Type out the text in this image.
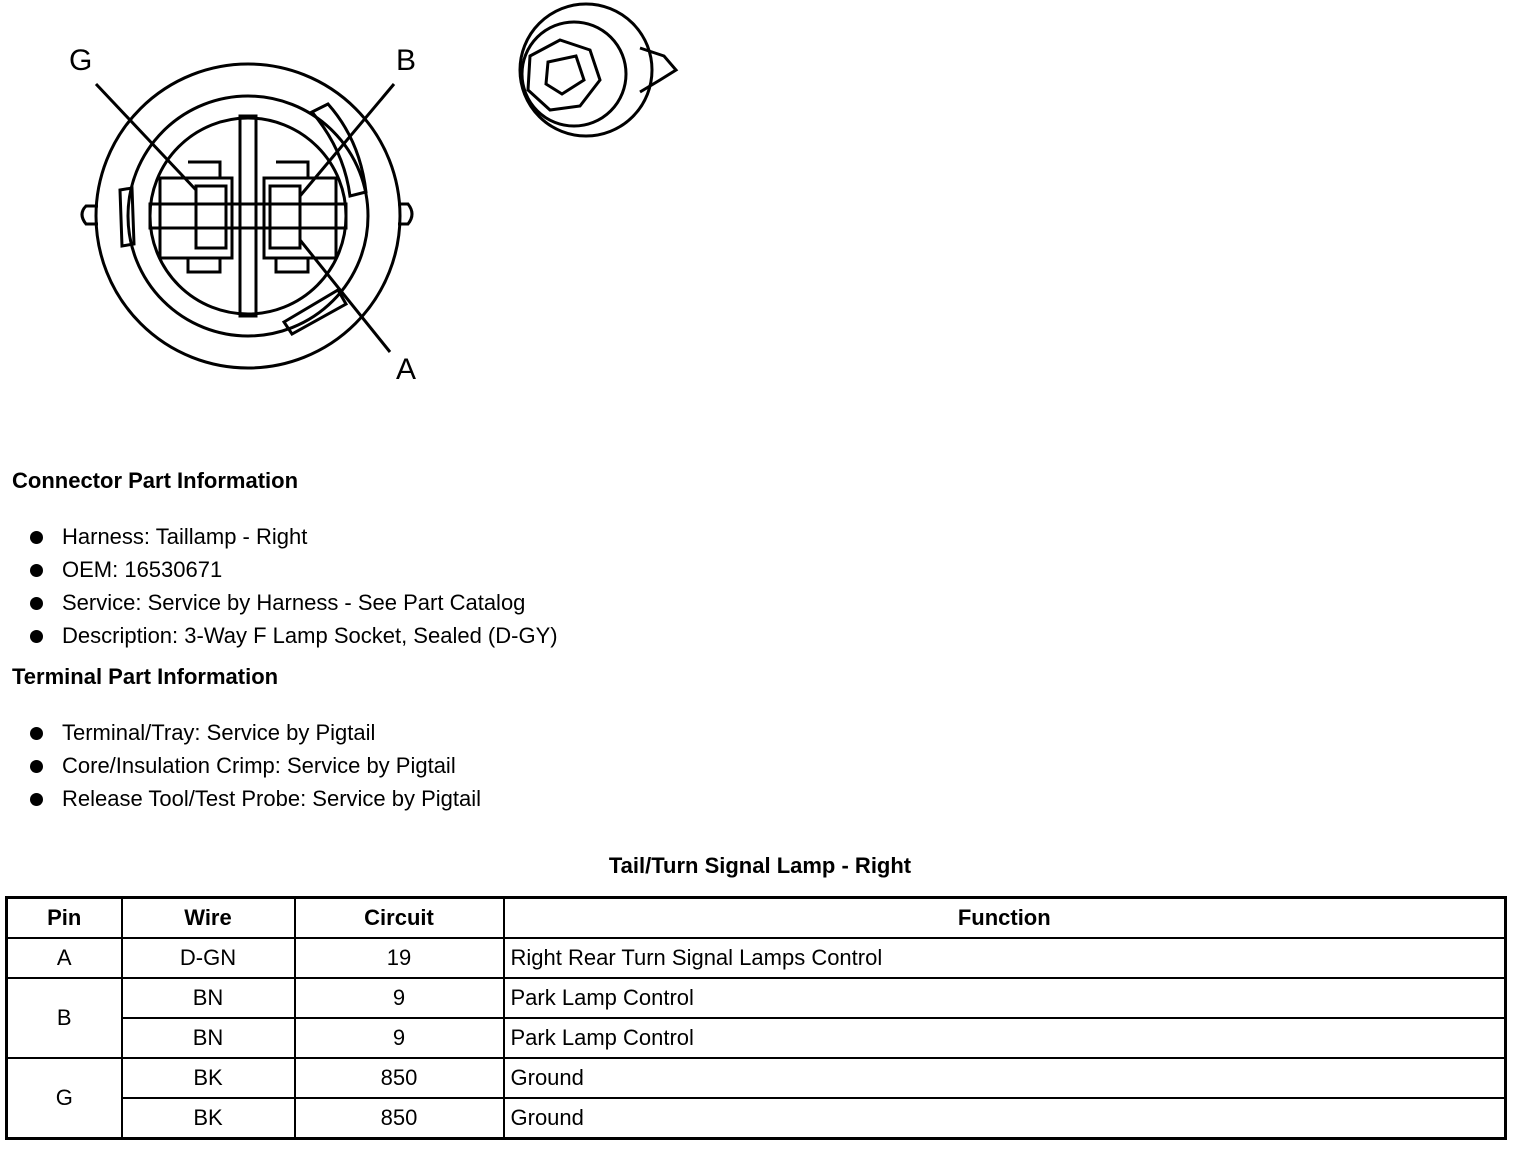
G	B
A
Connector Part Information
Harness: Taillamp - Right
OEM: 16530671
Service: Service by Harness - See Part Catalog
Description: 3-Way F Lamp Socket, Sealed (D-GY)
Terminal Part Information
Terminal/Tray: Service by Pigtail
Core/Insulation Crimp: Service by Pigtail
Release Tool/Test Probe: Service by Pigtail
Tail/Turn Signal Lamp - Right
Pin	Wire	Circuit	Function
A	D-GN	19	Right Rear Turn Signal Lamps Control
B	BN	9	Park Lamp Control
	BN	9	Park Lamp Control
G	BK	850	Ground
	BK	850	Ground
